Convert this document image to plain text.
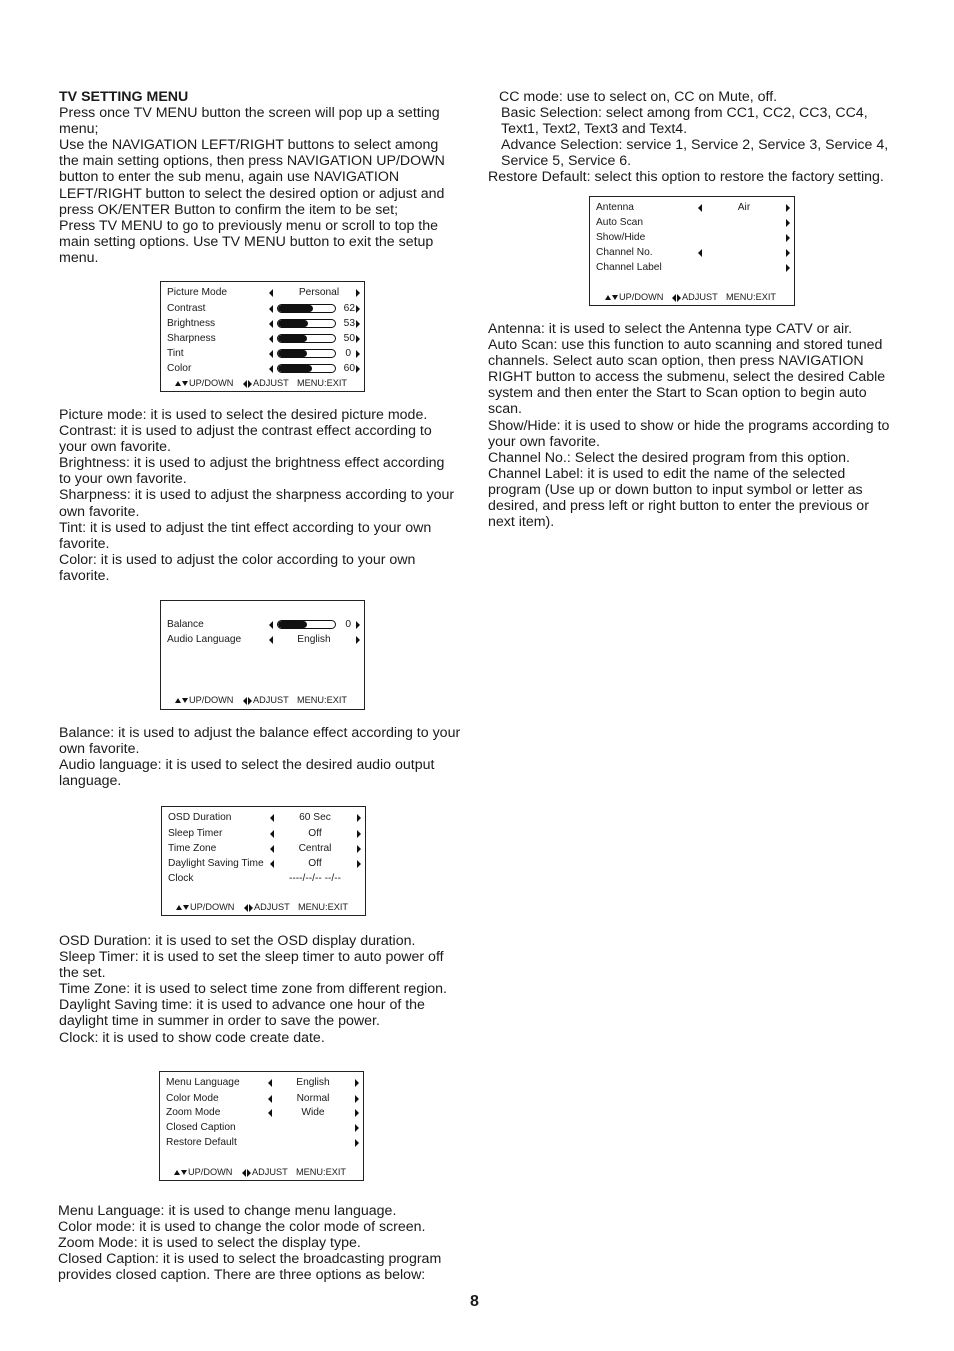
TV SETTING MENU

Press once TV MENU button the screen will pop up a setting

menu;

Use the NAVIGATION LEFT/RIGHT buttons to select among

the main setting options, then press NAVIGATION UP/DOWN

button to enter the sub menu, again use NAVIGATION

LEFT/RIGHT button to select the desired option or adjust and

press OK/ENTER Button to confirm the item to be set;

Press TV MENU to go to previously menu or scroll to top the

main setting options. Use TV MENU button to exit the setup

menu.

Picture Mode	Personal
Contrast	62
Brightness	53
Sharpness	50
Tint	0
Color	60
UP/DOWN	ADJUST MENU:EXIT

Picture mode: it is used to select the desired picture mode.

Contrast: it is used to adjust the contrast effect according to

your own favorite.

Brightness: it is used to adjust the brightness effect according

to your own favorite.

Sharpness: it is used to adjust the sharpness according to your

own favorite.

Tint: it is used to adjust the tint effect according to your own

favorite.

Color: it is used to adjust the color according to your own

favorite.

Balance	0
Audio Language	English
UP/DOWN	ADJUST MENU:EXIT

Balance: it is used to adjust the balance effect according to your

own favorite.

Audio language: it is used to select the desired audio output

language.

OSD Duration	60 Sec
Sleep Timer	Off
Time Zone	Central
Daylight Saving Time	Off
Clock	----/--/-- --/--
UP/DOWN	ADJUST MENU:EXIT

OSD Duration: it is used to set the OSD display duration.

Sleep Timer: it is used to set the sleep timer to auto power off

the set.

Time Zone: it is used to select time zone from different region.

Daylight Saving time: it is used to advance one hour of the

daylight time in summer in order to save the power.

Clock: it is used to show code create date.

Menu Language	English
Color Mode	Normal
Zoom Mode	Wide
Closed Caption
Restore Default
UP/DOWN	ADJUST MENU:EXIT

Menu Language: it is used to change menu language.

Color mode: it is used to change the color mode of screen.

Zoom Mode: it is used to select the display type.

Closed Caption: it is used to select the broadcasting program

provides closed caption. There are three options as below:

CC mode: use to select on, CC on Mute, off.

Basic Selection: select among from CC1, CC2, CC3, CC4,

Text1, Text2, Text3 and Text4.

Advance Selection: service 1, Service 2, Service 3, Service 4,

Service 5, Service 6.

Restore Default: select this option to restore the factory setting.

Antenna	Air
Auto Scan
Show/Hide
Channel No.
Channel Label
UP/DOWN	ADJUST MENU:EXIT

Antenna: it is used to select the Antenna type CATV or air.

Auto Scan: use this function to auto scanning and stored tuned

channels. Select auto scan option, then press NAVIGATION

RIGHT button to access the submenu, select the desired Cable

system and then enter the Start to Scan option to begin auto

scan.

Show/Hide: it is used to show or hide the programs according to

your own favorite.

Channel No.: Select the desired program from this option.

Channel Label: it is used to edit the name of the selected

program (Use up or down button to input symbol or letter as

desired, and press left or right button to enter the previous or

next item).

8
